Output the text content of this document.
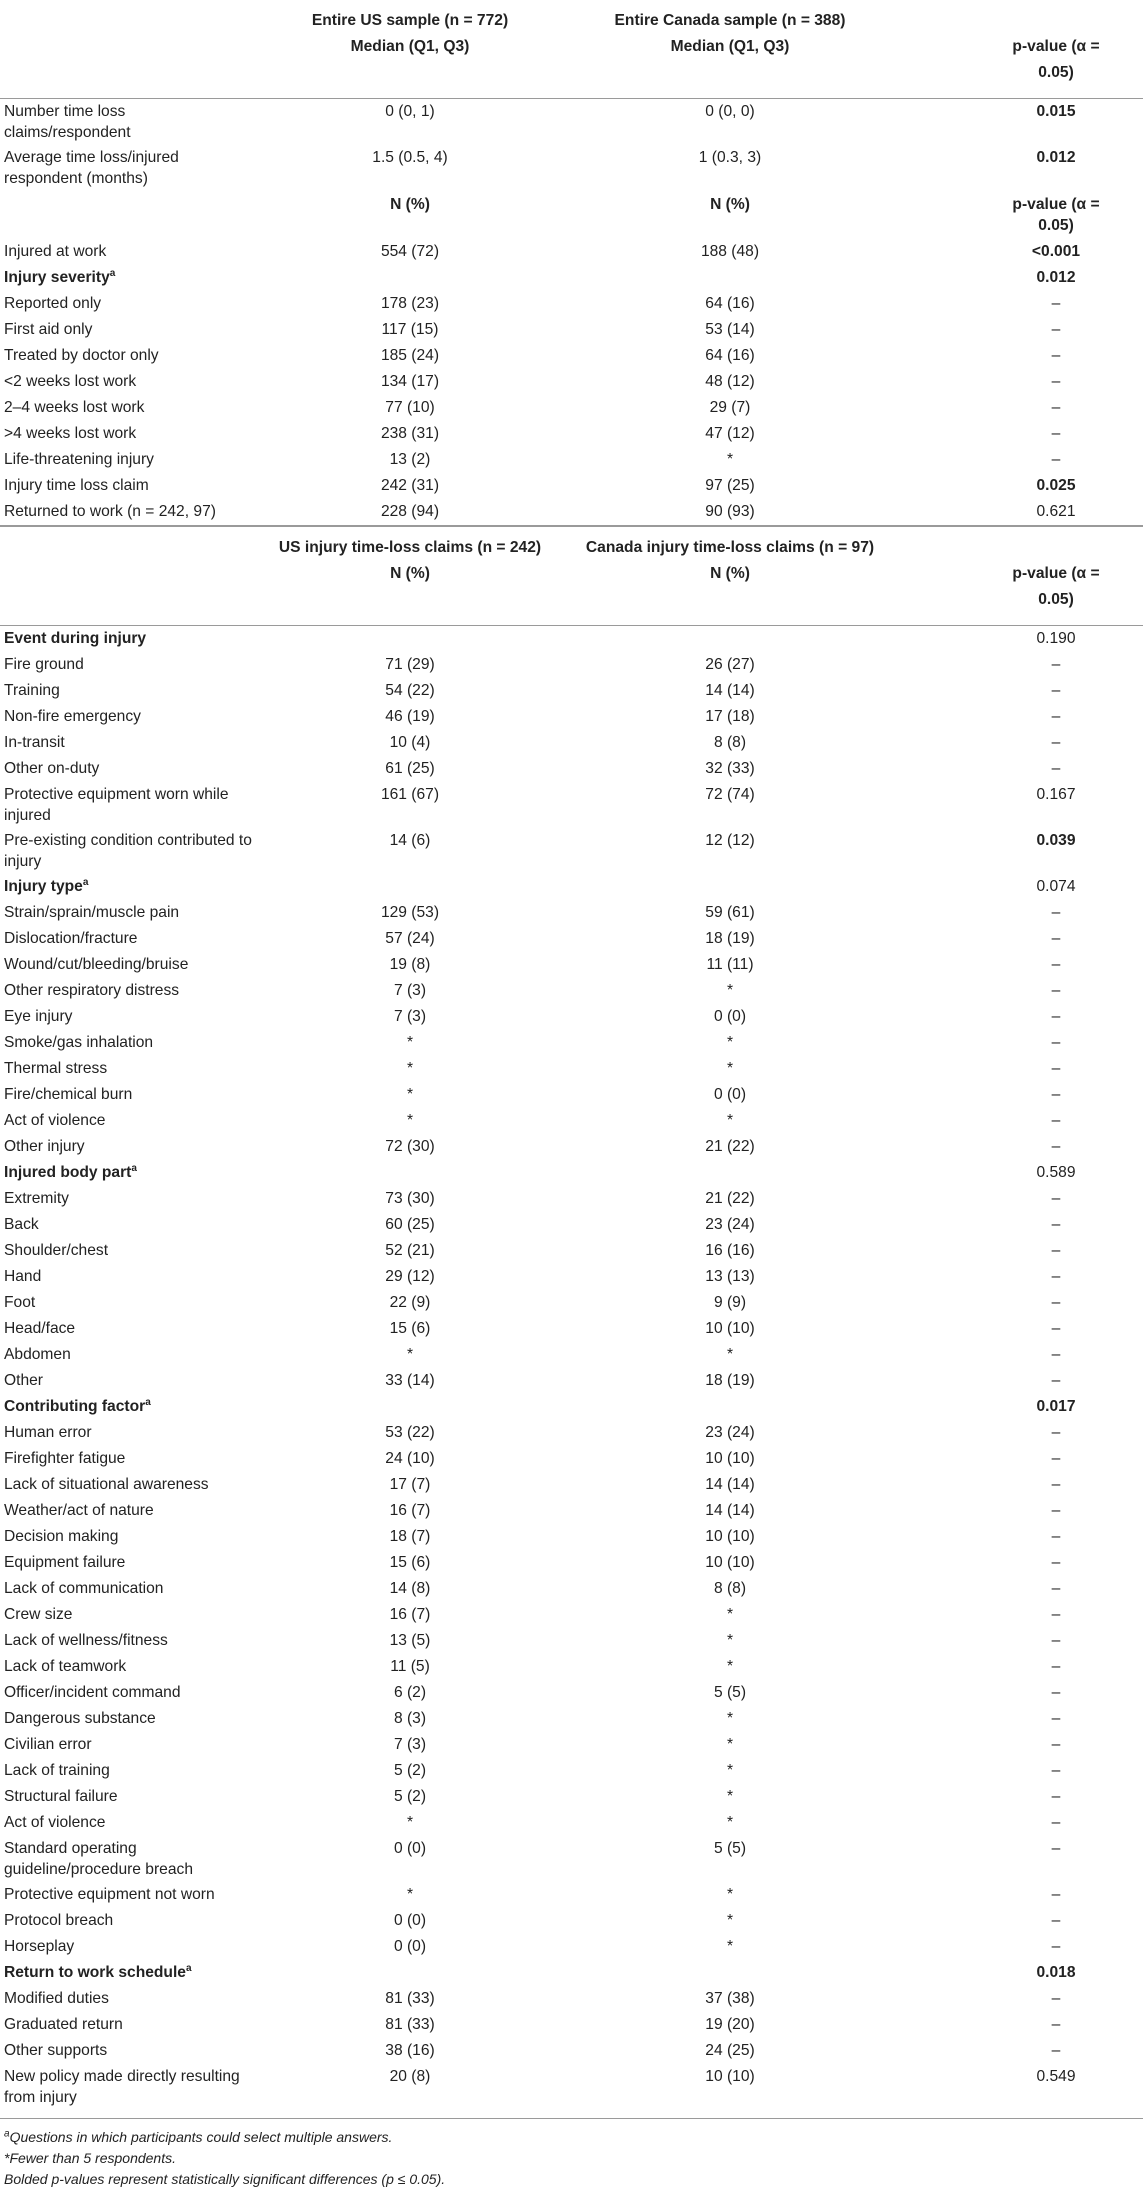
	Entire US sample (n = 772)	Entire Canada sample (n = 388)	
	Median (Q1, Q3)	Median (Q1, Q3)	p-value (α = 0.05)
Number time loss claims/respondent	0 (0, 1)	0 (0, 0)	0.015
Average time loss/injured respondent (months)	1.5 (0.5, 4)	1 (0.3, 3)	0.012
	N (%)	N (%)	p-value (α = 0.05)
Injured at work	554 (72)	188 (48)	<0.001
Injury severity$^a$			0.012
Reported only	178 (23)	64 (16)	–
First aid only	117 (15)	53 (14)	–
Treated by doctor only	185 (24)	64 (16)	–
<2 weeks lost work	134 (17)	48 (12)	–
2–4 weeks lost work	77 (10)	29 (7)	–
>4 weeks lost work	238 (31)	47 (12)	–
Life-threatening injury	13 (2)	*	–
Injury time loss claim	242 (31)	97 (25)	0.025
Returned to work (n = 242, 97)	228 (94)	90 (93)	0.621
	US injury time-loss claims (n = 242)	Canada injury time-loss claims (n = 97)	
	N (%)	N (%)	p-value (α = 0.05)
Event during injury			0.190
Fire ground	71 (29)	26 (27)	–
Training	54 (22)	14 (14)	–
Non-fire emergency	46 (19)	17 (18)	–
In-transit	10 (4)	8 (8)	–
Other on-duty	61 (25)	32 (33)	–
Protective equipment worn while injured	161 (67)	72 (74)	0.167
Pre-existing condition contributed to injury	14 (6)	12 (12)	0.039
Injury type$^a$			0.074
Strain/sprain/muscle pain	129 (53)	59 (61)	–
Dislocation/fracture	57 (24)	18 (19)	–
Wound/cut/bleeding/bruise	19 (8)	11 (11)	–
Other respiratory distress	7 (3)	*	–
Eye injury	7 (3)	0 (0)	–
Smoke/gas inhalation	*	*	–
Thermal stress	*	*	–
Fire/chemical burn	*	0 (0)	–
Act of violence	*	*	–
Other injury	72 (30)	21 (22)	–
Injured body part$^a$			0.589
Extremity	73 (30)	21 (22)	–
Back	60 (25)	23 (24)	–
Shoulder/chest	52 (21)	16 (16)	–
Hand	29 (12)	13 (13)	–
Foot	22 (9)	9 (9)	–
Head/face	15 (6)	10 (10)	–
Abdomen	*	*	–
Other	33 (14)	18 (19)	–
Contributing factor$^a$			0.017
Human error	53 (22)	23 (24)	–
Firefighter fatigue	24 (10)	10 (10)	–
Lack of situational awareness	17 (7)	14 (14)	–
Weather/act of nature	16 (7)	14 (14)	–
Decision making	18 (7)	10 (10)	–
Equipment failure	15 (6)	10 (10)	–
Lack of communication	14 (8)	8 (8)	–
Crew size	16 (7)	*	–
Lack of wellness/fitness	13 (5)	*	–
Lack of teamwork	11 (5)	*	–
Officer/incident command	6 (2)	5 (5)	–
Dangerous substance	8 (3)	*	–
Civilian error	7 (3)	*	–
Lack of training	5 (2)	*	–
Structural failure	5 (2)	*	–
Act of violence	*	*	–
Standard operating guideline/procedure breach	0 (0)	5 (5)	–
Protective equipment not worn	*	*	–
Protocol breach	0 (0)	*	–
Horseplay	0 (0)	*	–
Return to work schedule$^a$			0.018
Modified duties	81 (33)	37 (38)	–
Graduated return	81 (33)	19 (20)	–
Other supports	38 (16)	24 (25)	–
New policy made directly resulting from injury	20 (8)	10 (10)	0.549
$^a$Questions in which participants could select multiple answers.
*Fewer than 5 respondents.
Bolded p-values represent statistically significant differences (p ≤ 0.05).
